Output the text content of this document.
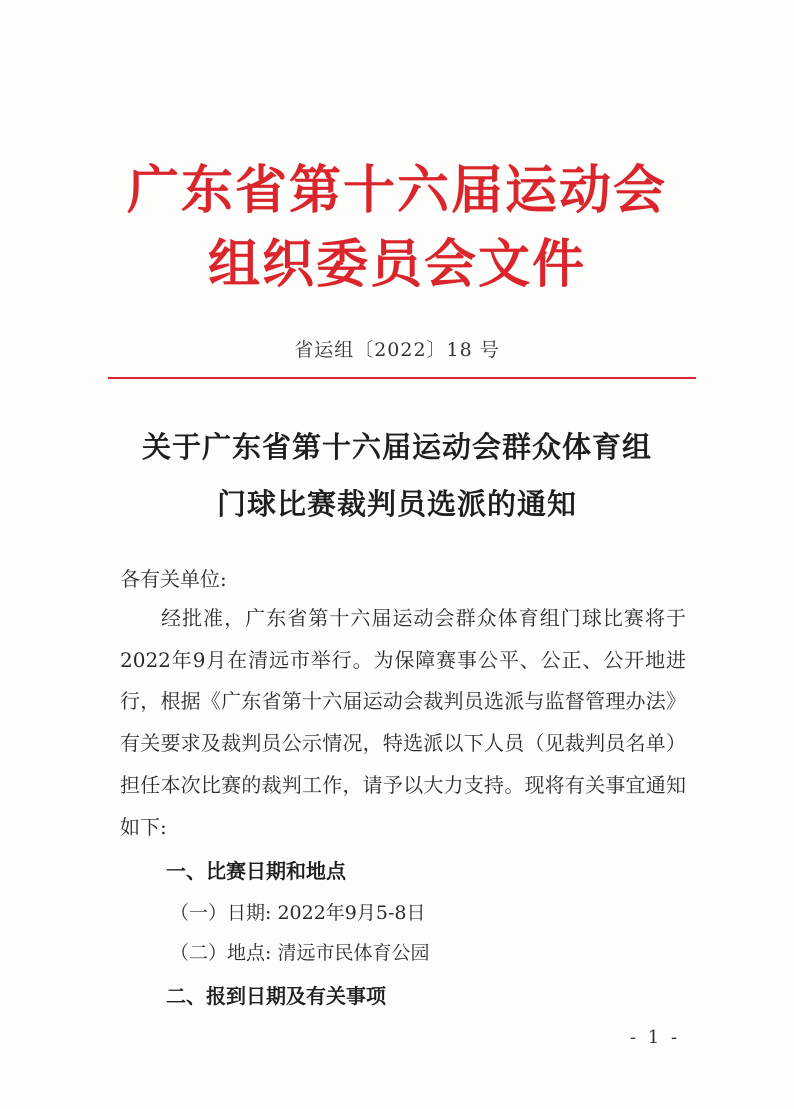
广东省第十六届运动会
组织委员会文件
省运组〔2022〕18 号
关于广东省第十六届运动会群众体育组
门球比赛裁判员选派的通知
各有关单位:
经批准，广东省第十六届运动会群众体育组门球比赛将于2022年9月在清远市举行。为保障赛事公平、公正、公开地进行，根据《广东省第十六届运动会裁判员选派与监督管理办法》有关要求及裁判员公示情况，特选派以下人员（见裁判员名单）担任本次比赛的裁判工作，请予以大力支持。现将有关事宜通知如下:
一、比赛日期和地点
（一）日期: 2022年9月5-8日
（二）地点: 清远市民体育公园
二、报到日期及有关事项
- 1 -
